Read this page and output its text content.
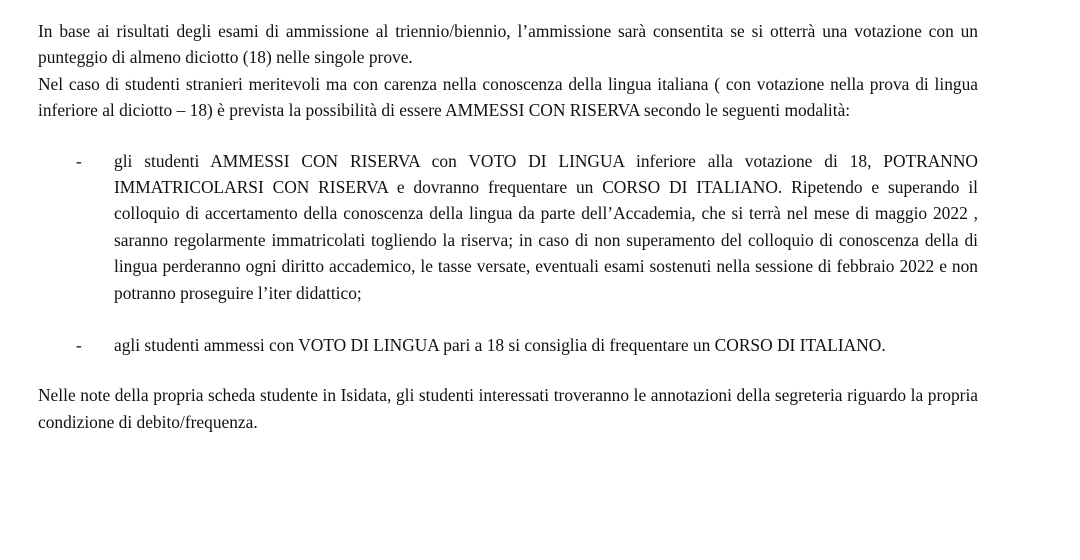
In base ai risultati degli esami di ammissione al triennio/biennio, l’ammissione sarà consentita se si otterrà una votazione con un punteggio di almeno diciotto (18) nelle singole prove.

Nel caso di studenti stranieri meritevoli ma con carenza nella conoscenza della lingua italiana ( con votazione nella prova di lingua inferiore al diciotto – 18) è prevista la possibilità di essere AMMESSI CON RISERVA secondo le seguenti modalità:

- gli studenti AMMESSI CON RISERVA con VOTO DI LINGUA inferiore alla votazione di 18, POTRANNO IMMATRICOLARSI CON RISERVA e dovranno frequentare un CORSO DI ITALIANO. Ripetendo e superando il colloquio di accertamento della conoscenza della lingua da parte dell’Accademia, che si terrà nel mese di maggio 2022 , saranno regolarmente immatricolati togliendo la riserva; in caso di non superamento del colloquio di conoscenza della di lingua perderanno ogni diritto accademico, le tasse versate, eventuali esami sostenuti nella sessione di febbraio 2022 e non potranno proseguire l’iter didattico;
- agli studenti ammessi con VOTO DI LINGUA pari a 18 si consiglia di frequentare un CORSO DI ITALIANO.

Nelle note della propria scheda studente in Isidata, gli studenti interessati troveranno le annotazioni della segreteria riguardo la propria condizione di debito/frequenza.
